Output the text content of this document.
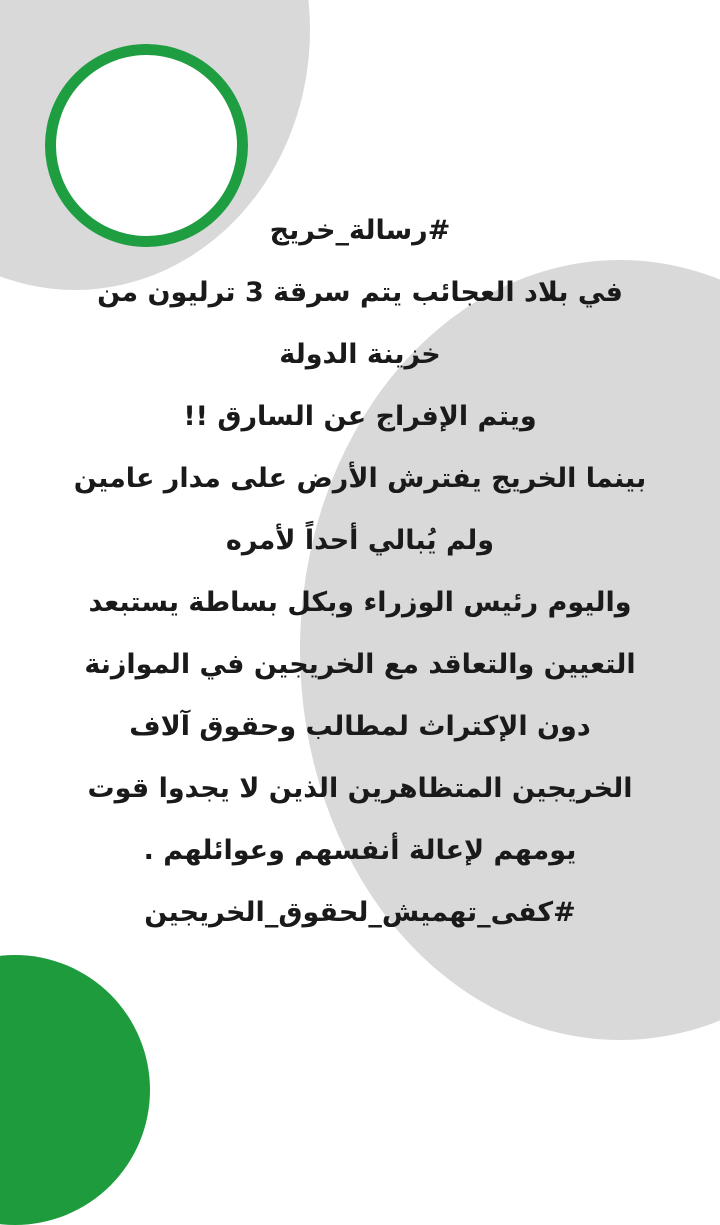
#رسالة_خريج
في بلاد العجائب يتم سرقة 3 ترليون من
خزينة الدولة
ويتم الإفراج عن السارق !!
بينما الخريج يفترش الأرض على مدار عامين
ولم يُبالي أحداً لأمره
واليوم رئيس الوزراء وبكل بساطة يستبعد
التعيين والتعاقد مع الخريجين في الموازنة
دون الإكتراث لمطالب وحقوق آلاف
الخريجين المتظاهرين الذين لا يجدوا قوت
يومهم لإعالة أنفسهم وعوائلهم .
#كفى_تهميش_لحقوق_الخريجين
